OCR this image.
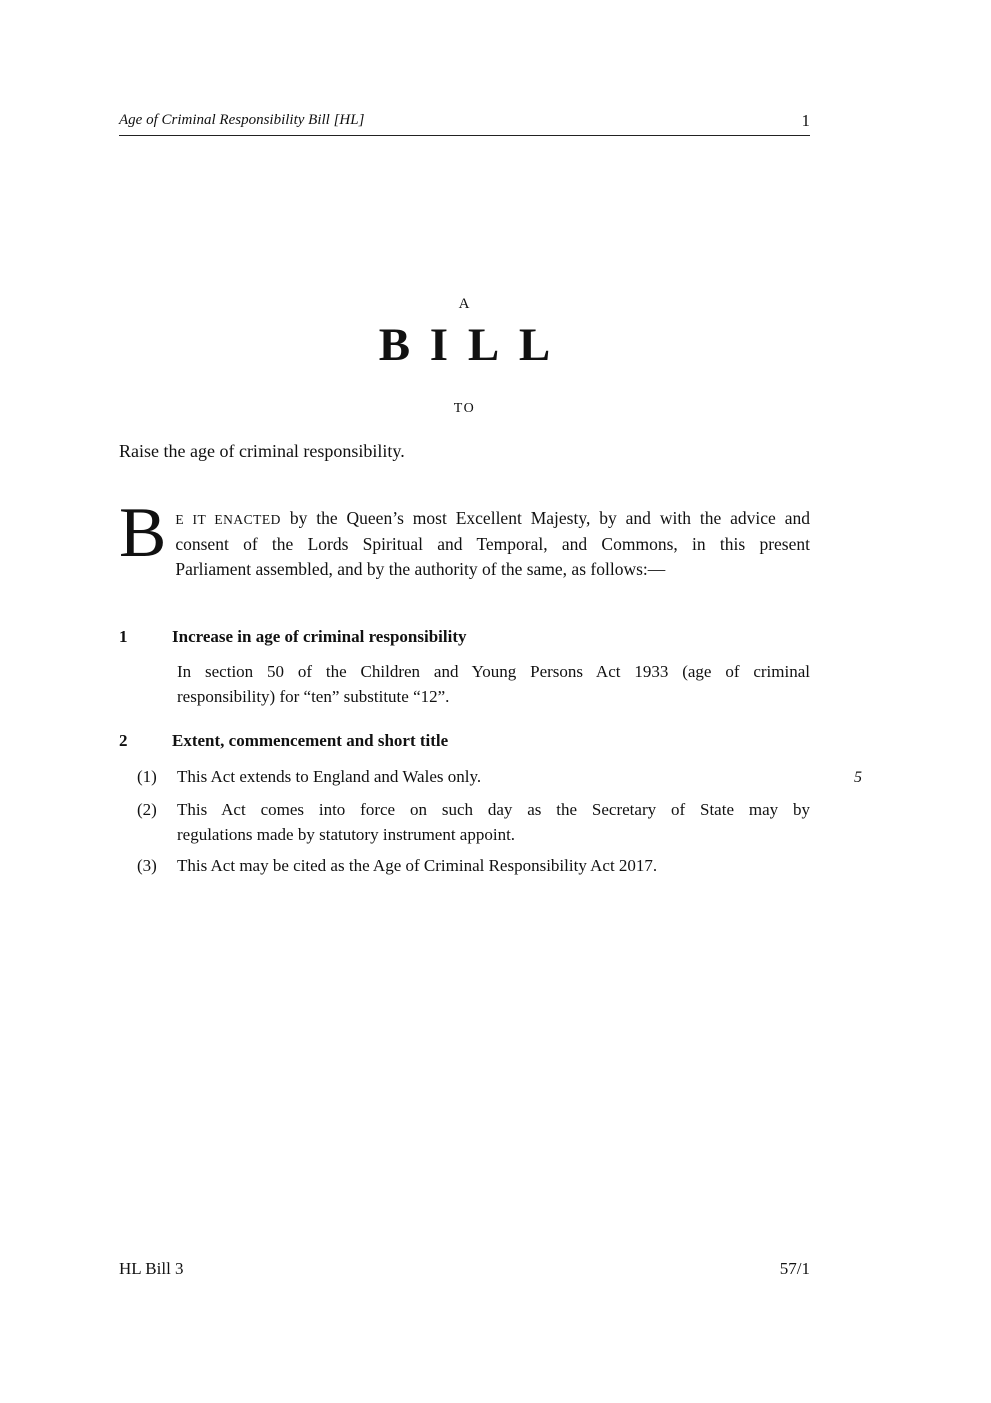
Age of Criminal Responsibility Bill [HL]	1
A
BILL
TO
Raise the age of criminal responsibility.
B E IT ENACTED by the Queen’s most Excellent Majesty, by and with the advice and
consent of the Lords Spiritual and Temporal, and Commons, in this present
Parliament assembled, and by the authority of the same, as follows:—
1	Increase in age of criminal responsibility
In section 50 of the Children and Young Persons Act 1933 (age of criminal
responsibility) for “ten” substitute “12”.
2	Extent, commencement and short title
(1)	This Act extends to England and Wales only.	5
(2)	This Act comes into force on such day as the Secretary of State may by
regulations made by statutory instrument appoint.
(3)	This Act may be cited as the Age of Criminal Responsibility Act 2017.
HL Bill 3	57/1
